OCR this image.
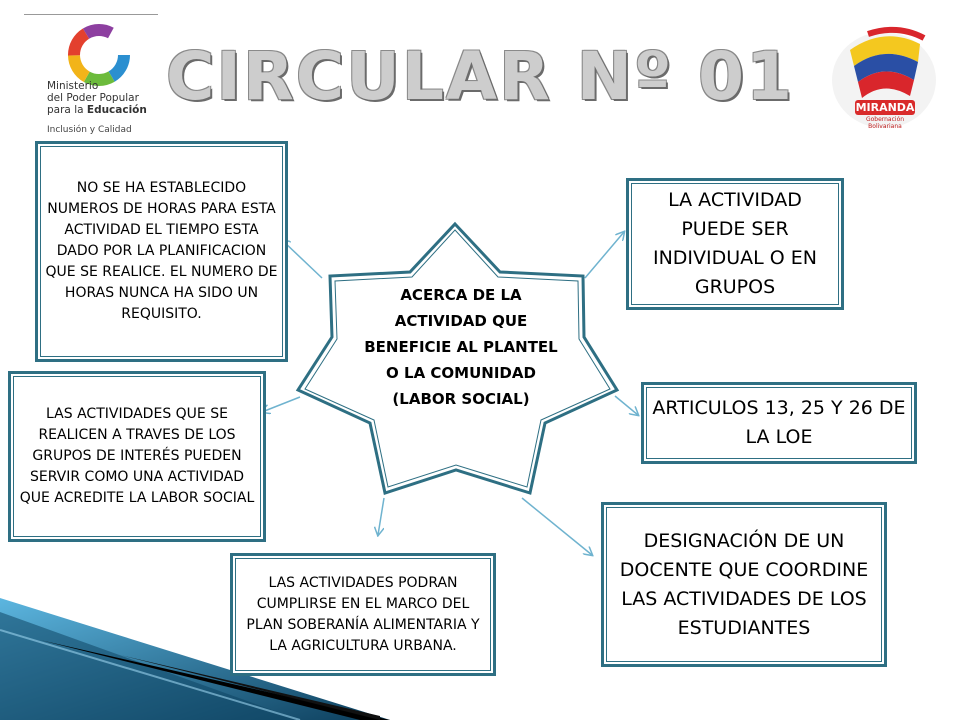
Ministerio
del Poder Popular
para la Educación
Inclusión y Calidad
MIRANDA
Gobernación Bolivariana
CIRCULAR Nº 01
ACERCA DE LA ACTIVIDAD QUE BENEFICIE AL PLANTEL O LA COMUNIDAD (LABOR SOCIAL)
NO SE HA ESTABLECIDO NUMEROS DE HORAS PARA ESTA ACTIVIDAD EL TIEMPO ESTA DADO POR LA PLANIFICACION QUE SE REALICE. EL NUMERO DE HORAS NUNCA HA SIDO UN REQUISITO.
LAS ACTIVIDADES QUE SE REALICEN A TRAVES DE LOS GRUPOS DE INTERÉS PUEDEN SERVIR COMO UNA ACTIVIDAD QUE ACREDITE LA LABOR SOCIAL
LAS ACTIVIDADES PODRAN CUMPLIRSE EN EL MARCO DEL PLAN SOBERANÍA ALIMENTARIA Y LA AGRICULTURA URBANA.
LA ACTIVIDAD PUEDE SER INDIVIDUAL O EN GRUPOS
ARTICULOS 13, 25 Y 26 DE LA LOE
DESIGNACIÓN DE UN DOCENTE QUE COORDINE LAS ACTIVIDADES DE LOS ESTUDIANTES
